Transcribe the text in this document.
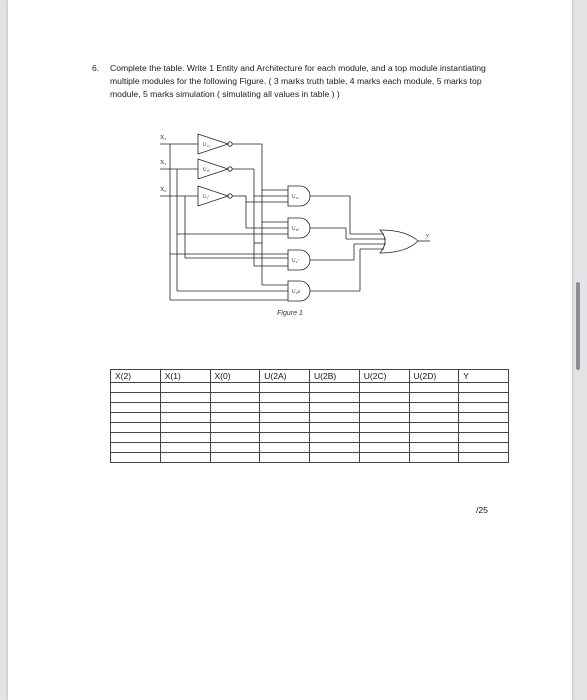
6. Complete the table. Write 1 Entity and Architecture for each module, and a top module instantiating multiple modules for the following Figure. ( 3 marks truth table, 4 marks each module, 5 marks top module, 5 marks simulation ( simulating all values in table ) )
X₂
X₁
X₀
U₁ₐ
U₁ᵦ
U₁ᶜ	U₂ₐ
U₂ᵦ
U₂ᶜ
U₂ᴅ
y
Figure 1
X(2)	X(1)	X(0)	U(2A)	U(2B)	U(2C)	U(2D)	Y

/25
